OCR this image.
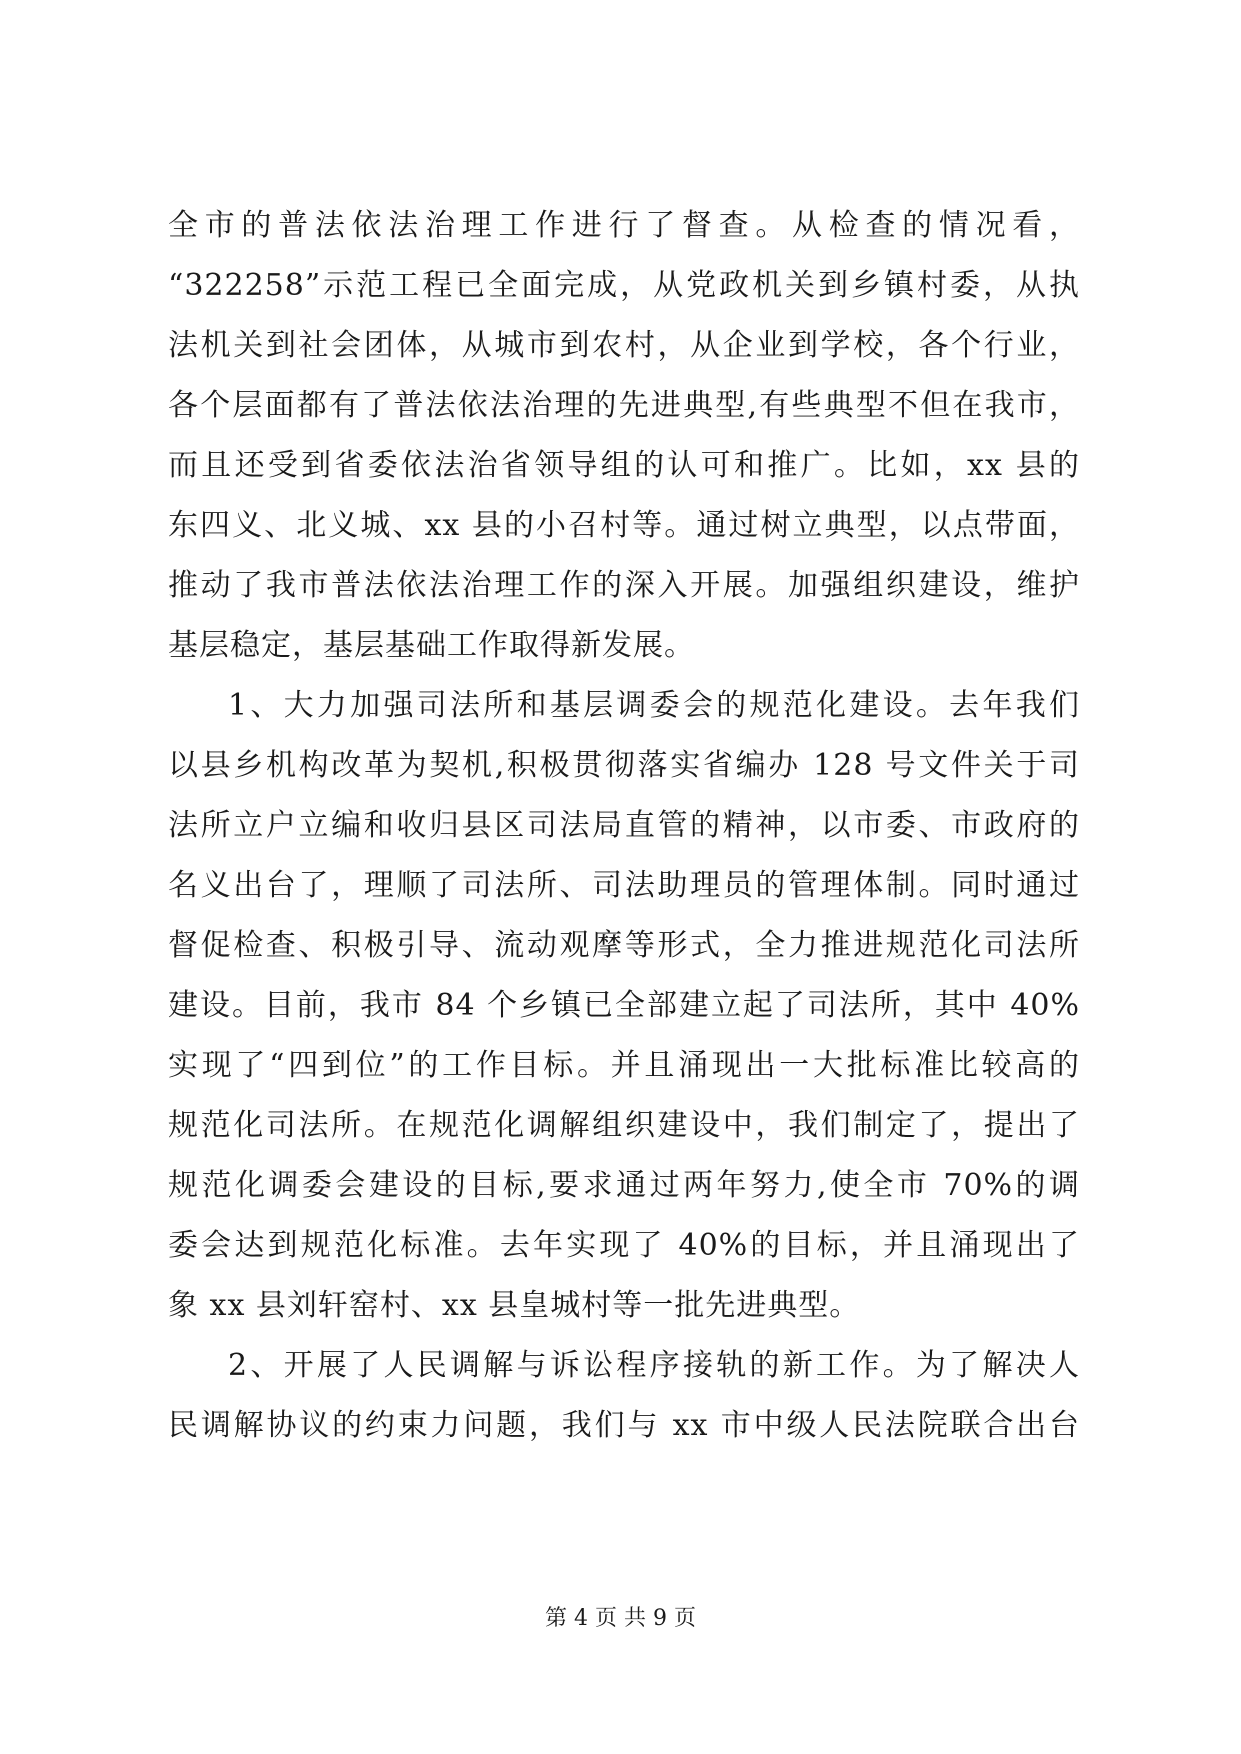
全市的普法依法治理工作进行了督查。从检查的情况看，
“322258”示范工程已全面完成，从党政机关到乡镇村委，从执
法机关到社会团体，从城市到农村，从企业到学校，各个行业，
各个层面都有了普法依法治理的先进典型,有些典型不但在我市，
而且还受到省委依法治省领导组的认可和推广。比如，xx 县的
东四义、北义城、xx 县的小召村等。通过树立典型，以点带面，
推动了我市普法依法治理工作的深入开展。加强组织建设，维护
基层稳定，基层基础工作取得新发展。
1、大力加强司法所和基层调委会的规范化建设。去年我们
以县乡机构改革为契机,积极贯彻落实省编办 128 号文件关于司
法所立户立编和收归县区司法局直管的精神，以市委、市政府的
名义出台了，理顺了司法所、司法助理员的管理体制。同时通过
督促检查、积极引导、流动观摩等形式，全力推进规范化司法所
建设。目前，我市 84 个乡镇已全部建立起了司法所，其中 40%
实现了“四到位”的工作目标。并且涌现出一大批标准比较高的
规范化司法所。在规范化调解组织建设中，我们制定了，提出了
规范化调委会建设的目标,要求通过两年努力,使全市 70%的调
委会达到规范化标准。去年实现了 40%的目标，并且涌现出了
象 xx 县刘轩窑村、xx 县皇城村等一批先进典型。
2、开展了人民调解与诉讼程序接轨的新工作。为了解决人
民调解协议的约束力问题，我们与 xx 市中级人民法院联合出台
第 4 页 共 9 页
